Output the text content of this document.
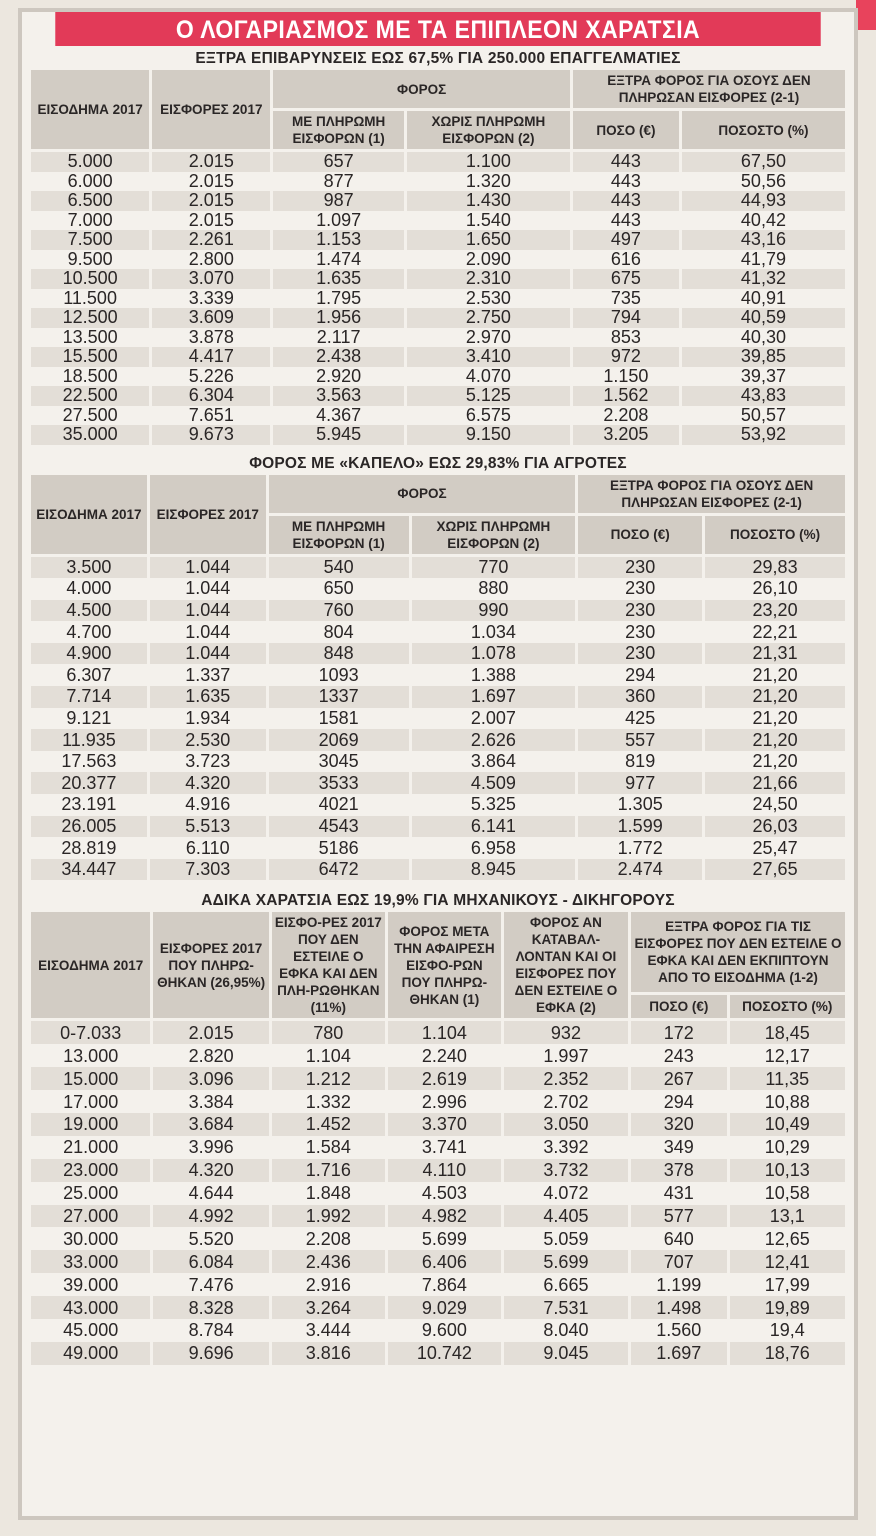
Ο ΛΟΓΑΡΙΑΣΜΟΣ ΜΕ ΤΑ ΕΠΙΠΛΕΟΝ ΧΑΡΑΤΣΙΑ
ΕΞΤΡΑ ΕΠΙΒΑΡΥΝΣΕΙΣ ΕΩΣ 67,5% ΓΙΑ 250.000 ΕΠΑΓΓΕΛΜΑΤΙΕΣ
ΕΙΣΟΔΗΜΑ 2017	ΕΙΣΦΟΡΕΣ 2017	ΦΟΡΟΣ		ΕΞΤΡΑ ΦΟΡΟΣ ΓΙΑ ΟΣΟΥΣ ΔΕΝ ΠΛΗΡΩΣΑΝ ΕΙΣΦΟΡΕΣ (2-1)	
		ΜΕ ΠΛΗΡΩΜΗ ΕΙΣΦΟΡΩΝ (1)	ΧΩΡΙΣ ΠΛΗΡΩΜΗ ΕΙΣΦΟΡΩΝ (2)	ΠΟΣΟ (€)	ΠΟΣΟΣΤΟ (%)
5.000	2.015	657	1.100	443	67,50
6.000	2.015	877	1.320	443	50,56
6.500	2.015	987	1.430	443	44,93
7.000	2.015	1.097	1.540	443	40,42
7.500	2.261	1.153	1.650	497	43,16
9.500	2.800	1.474	2.090	616	41,79
10.500	3.070	1.635	2.310	675	41,32
11.500	3.339	1.795	2.530	735	40,91
12.500	3.609	1.956	2.750	794	40,59
13.500	3.878	2.117	2.970	853	40,30
15.500	4.417	2.438	3.410	972	39,85
18.500	5.226	2.920	4.070	1.150	39,37
22.500	6.304	3.563	5.125	1.562	43,83
27.500	7.651	4.367	6.575	2.208	50,57
35.000	9.673	5.945	9.150	3.205	53,92
ΦΟΡΟΣ ΜΕ «ΚΑΠΕΛΟ» ΕΩΣ 29,83% ΓΙΑ ΑΓΡΟΤΕΣ
ΕΙΣΟΔΗΜΑ 2017	ΕΙΣΦΟΡΕΣ 2017	ΦΟΡΟΣ		ΕΞΤΡΑ ΦΟΡΟΣ ΓΙΑ ΟΣΟΥΣ ΔΕΝ ΠΛΗΡΩΣΑΝ ΕΙΣΦΟΡΕΣ (2-1)	
		ΜΕ ΠΛΗΡΩΜΗ ΕΙΣΦΟΡΩΝ (1)	ΧΩΡΙΣ ΠΛΗΡΩΜΗ ΕΙΣΦΟΡΩΝ (2)	ΠΟΣΟ (€)	ΠΟΣΟΣΤΟ (%)
3.500	1.044	540	770	230	29,83
4.000	1.044	650	880	230	26,10
4.500	1.044	760	990	230	23,20
4.700	1.044	804	1.034	230	22,21
4.900	1.044	848	1.078	230	21,31
6.307	1.337	1093	1.388	294	21,20
7.714	1.635	1337	1.697	360	21,20
9.121	1.934	1581	2.007	425	21,20
11.935	2.530	2069	2.626	557	21,20
17.563	3.723	3045	3.864	819	21,20
20.377	4.320	3533	4.509	977	21,66
23.191	4.916	4021	5.325	1.305	24,50
26.005	5.513	4543	6.141	1.599	26,03
28.819	6.110	5186	6.958	1.772	25,47
34.447	7.303	6472	8.945	2.474	27,65
ΑΔΙΚΑ ΧΑΡΑΤΣΙΑ ΕΩΣ 19,9% ΓΙΑ ΜΗΧΑΝΙΚΟΥΣ - ΔΙΚΗΓΟΡΟΥΣ
ΕΙΣΟΔΗΜΑ 2017	ΕΙΣΦΟΡΕΣ 2017 ΠΟΥ ΠΛΗΡΩ-ΘΗΚΑΝ (26,95%)	ΕΙΣΦΟ-ΡΕΣ 2017 ΠΟΥ ΔΕΝ ΕΣΤΕΙΛΕ Ο ΕΦΚΑ ΚΑΙ ΔΕΝ ΠΛΗ-ΡΩΘΗΚΑΝ (11%)	ΦΟΡΟΣ ΜΕΤΑ ΤΗΝ ΑΦΑΙΡΕΣΗ ΕΙΣΦΟ-ΡΩΝ ΠΟΥ ΠΛΗΡΩ-ΘΗΚΑΝ (1)	ΦΟΡΟΣ ΑΝ ΚΑΤΑΒΑΛ-ΛΟΝΤΑΝ ΚΑΙ ΟΙ ΕΙΣΦΟΡΕΣ ΠΟΥ ΔΕΝ ΕΣΤΕΙΛΕ Ο ΕΦΚΑ (2)	ΕΞΤΡΑ ΦΟΡΟΣ ΓΙΑ ΤΙΣ ΕΙΣΦΟΡΕΣ ΠΟΥ ΔΕΝ ΕΣΤΕΙΛΕ Ο ΕΦΚΑ ΚΑΙ ΔΕΝ ΕΚΠΙΠΤΟΥΝ ΑΠΟ ΤΟ ΕΙΣΟΔΗΜΑ (1-2)	
					ΠΟΣΟ (€)	ΠΟΣΟΣΤΟ (%)
0-7.033	2.015	780	1.104	932	172	18,45
13.000	2.820	1.104	2.240	1.997	243	12,17
15.000	3.096	1.212	2.619	2.352	267	11,35
17.000	3.384	1.332	2.996	2.702	294	10,88
19.000	3.684	1.452	3.370	3.050	320	10,49
21.000	3.996	1.584	3.741	3.392	349	10,29
23.000	4.320	1.716	4.110	3.732	378	10,13
25.000	4.644	1.848	4.503	4.072	431	10,58
27.000	4.992	1.992	4.982	4.405	577	13,1
30.000	5.520	2.208	5.699	5.059	640	12,65
33.000	6.084	2.436	6.406	5.699	707	12,41
39.000	7.476	2.916	7.864	6.665	1.199	17,99
43.000	8.328	3.264	9.029	7.531	1.498	19,89
45.000	8.784	3.444	9.600	8.040	1.560	19,4
49.000	9.696	3.816	10.742	9.045	1.697	18,76
